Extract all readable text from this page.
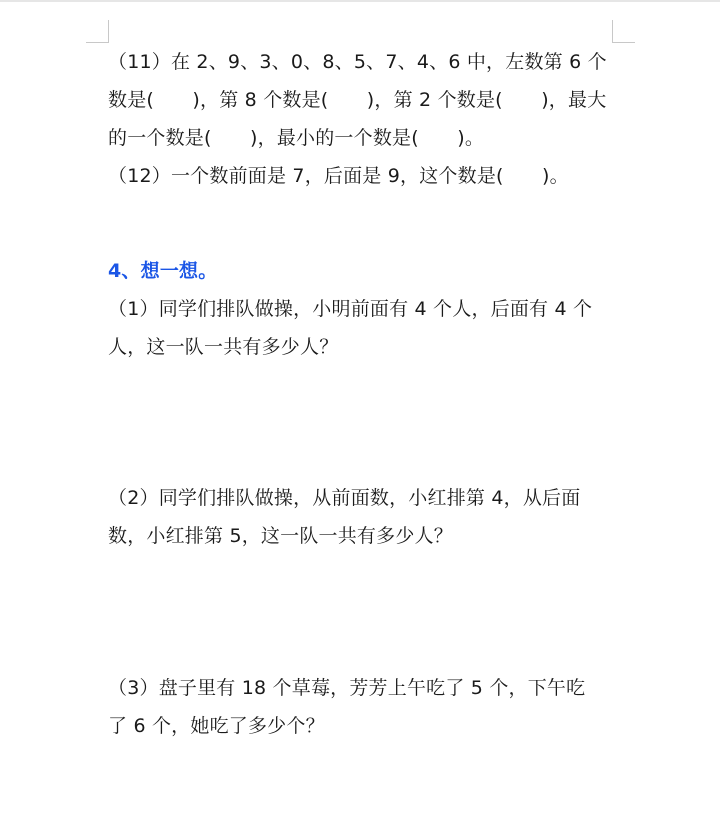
（11）在 2、9、3、0、8、5、7、4、6 中，左数第 6 个
数是(　　)，第 8 个数是(　　)，第 2 个数是(　　)，最大
的一个数是(　　)，最小的一个数是(　　)。
（12）一个数前面是 7，后面是 9，这个数是(　　)。
4、想一想。
（1）同学们排队做操，小明前面有 4 个人，后面有 4 个
人，这一队一共有多少人？
（2）同学们排队做操，从前面数，小红排第 4，从后面
数，小红排第 5，这一队一共有多少人？
（3）盘子里有 18 个草莓，芳芳上午吃了 5 个，下午吃
了 6 个，她吃了多少个？
